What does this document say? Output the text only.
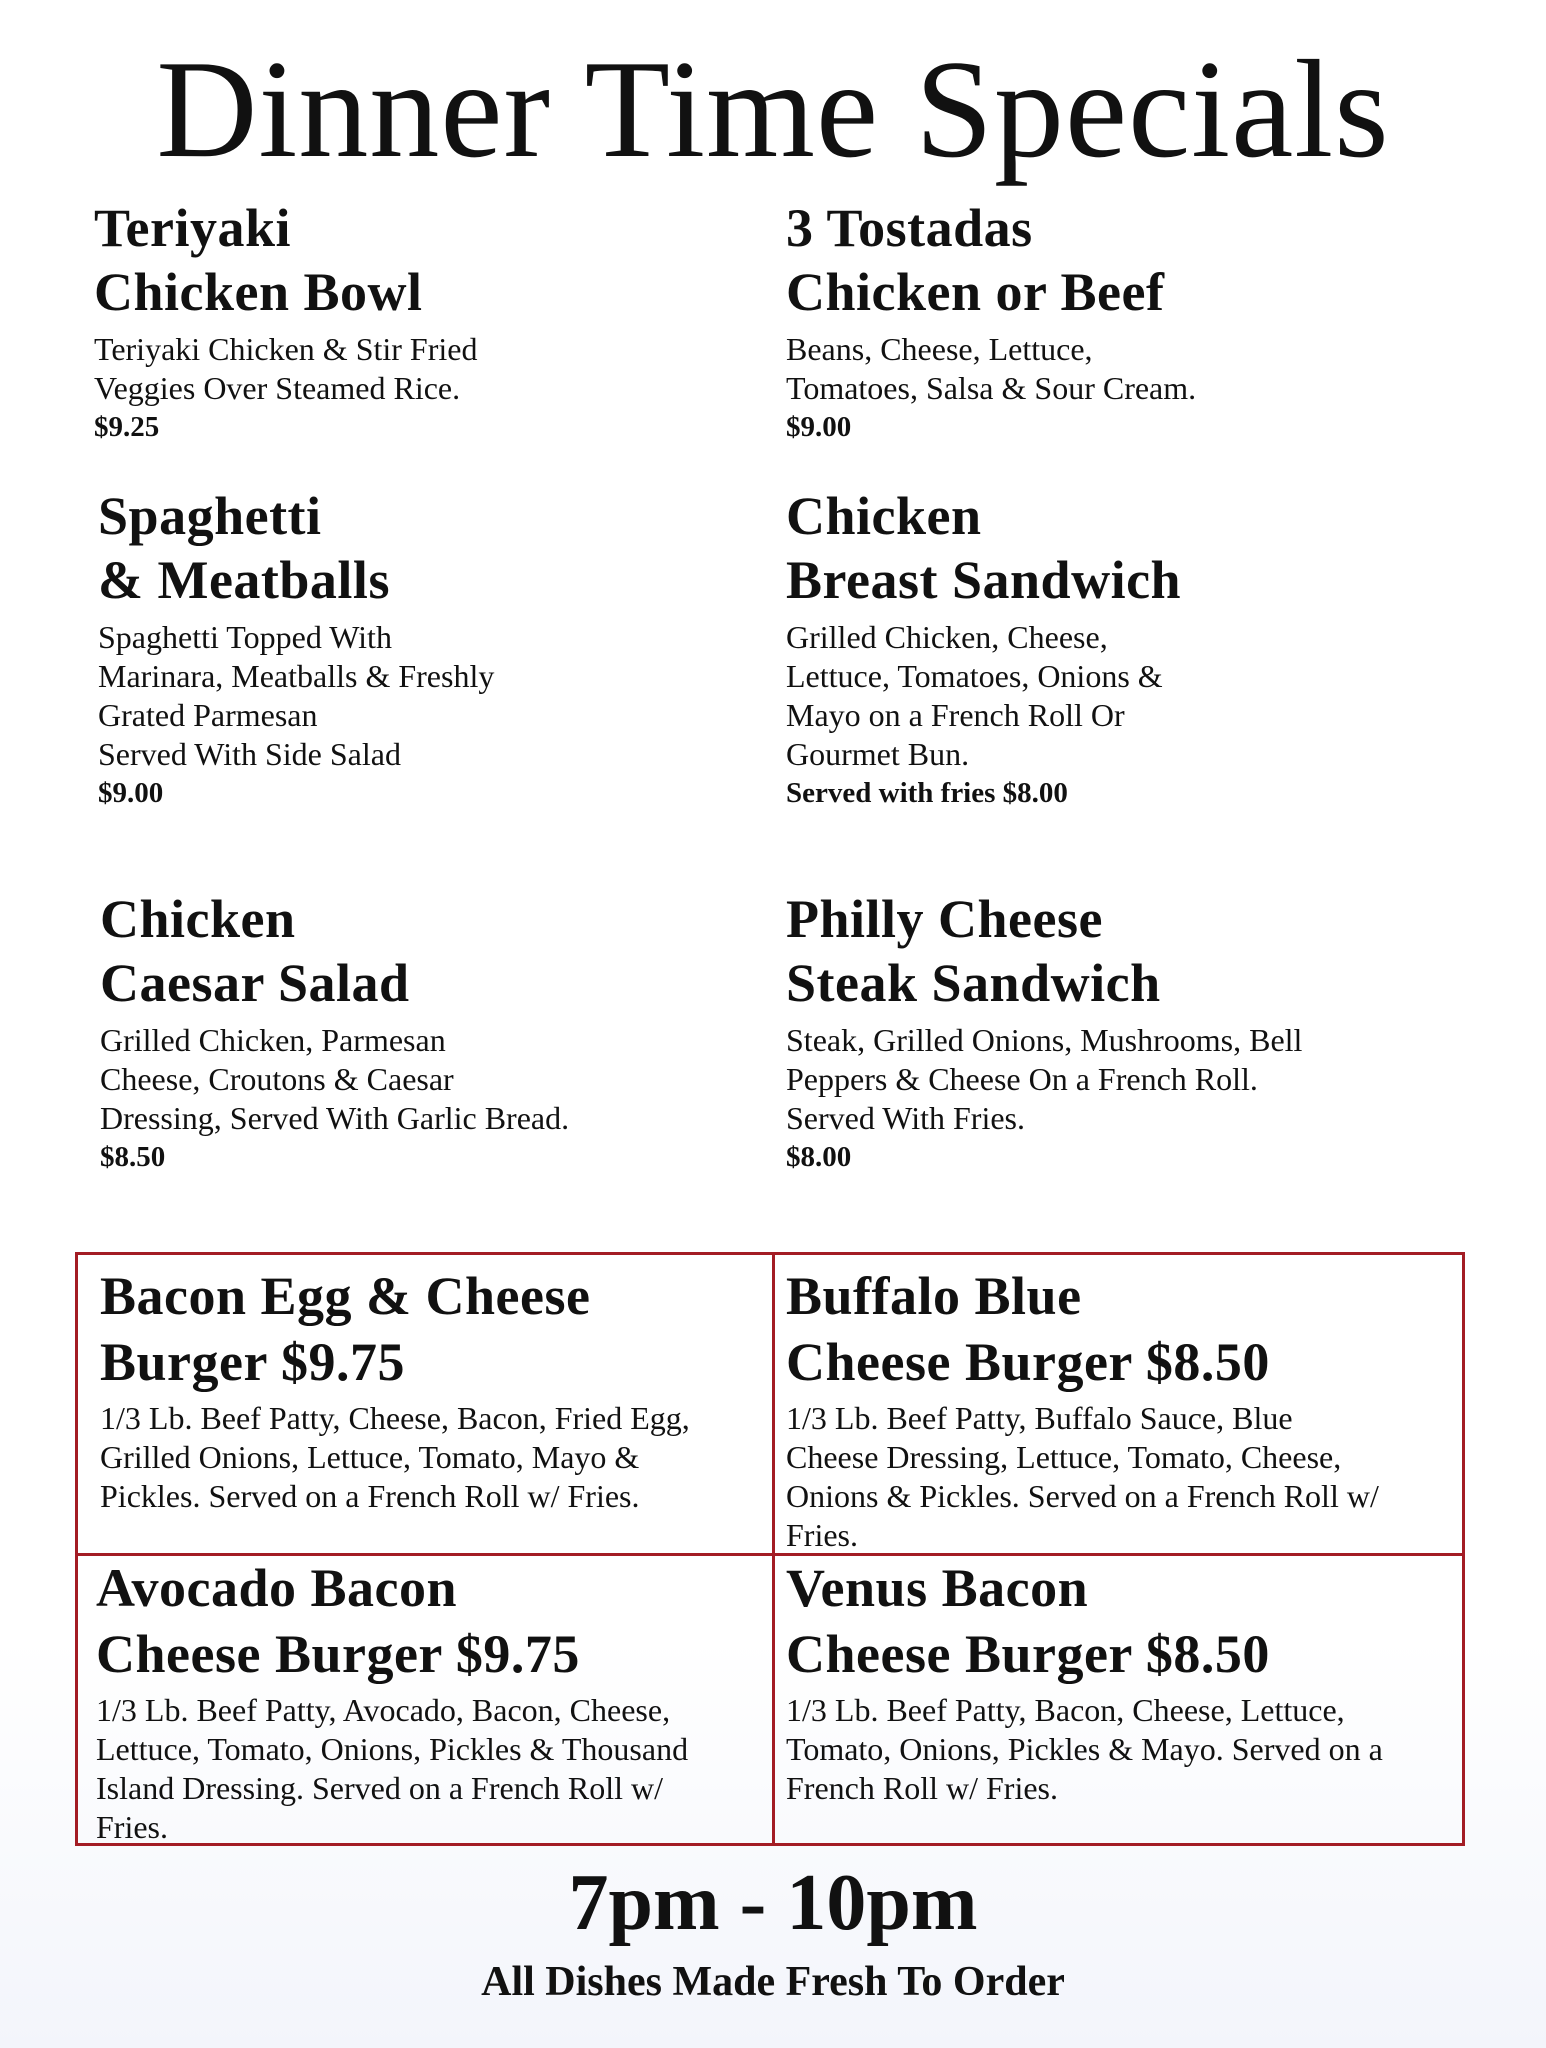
Dinner Time Specials
Teriyaki
Chicken Bowl
Teriyaki Chicken & Stir Fried
Veggies Over Steamed Rice.
$9.25
3 Tostadas
Chicken or Beef
Beans, Cheese, Lettuce,
Tomatoes, Salsa & Sour Cream.
$9.00
Spaghetti
& Meatballs
Spaghetti Topped With
Marinara, Meatballs & Freshly
Grated Parmesan
Served With Side Salad
$9.00
Chicken
Breast Sandwich
Grilled Chicken, Cheese,
Lettuce, Tomatoes, Onions &
Mayo on a French Roll Or
Gourmet Bun.
Served with fries $8.00
Chicken
Caesar Salad
Grilled Chicken, Parmesan
Cheese, Croutons & Caesar
Dressing, Served With Garlic Bread.
$8.50
Philly Cheese
Steak Sandwich
Steak, Grilled Onions, Mushrooms, Bell
Peppers & Cheese On a French Roll.
Served With Fries.
$8.00
Bacon Egg & Cheese
Burger $9.75
1/3 Lb. Beef Patty, Cheese, Bacon, Fried Egg,
Grilled Onions, Lettuce, Tomato, Mayo &
Pickles. Served on a French Roll w/ Fries.
Buffalo Blue
Cheese Burger $8.50
1/3 Lb. Beef Patty, Buffalo Sauce, Blue
Cheese Dressing, Lettuce, Tomato, Cheese,
Onions & Pickles. Served on a French Roll w/
Fries.
Avocado Bacon
Cheese Burger $9.75
1/3 Lb. Beef Patty, Avocado, Bacon, Cheese,
Lettuce, Tomato, Onions, Pickles & Thousand
Island Dressing. Served on a French Roll w/
Fries.
Venus Bacon
Cheese Burger $8.50
1/3 Lb. Beef Patty, Bacon, Cheese, Lettuce,
Tomato, Onions, Pickles & Mayo. Served on a
French Roll w/ Fries.
7pm - 10pm
All Dishes Made Fresh To Order
